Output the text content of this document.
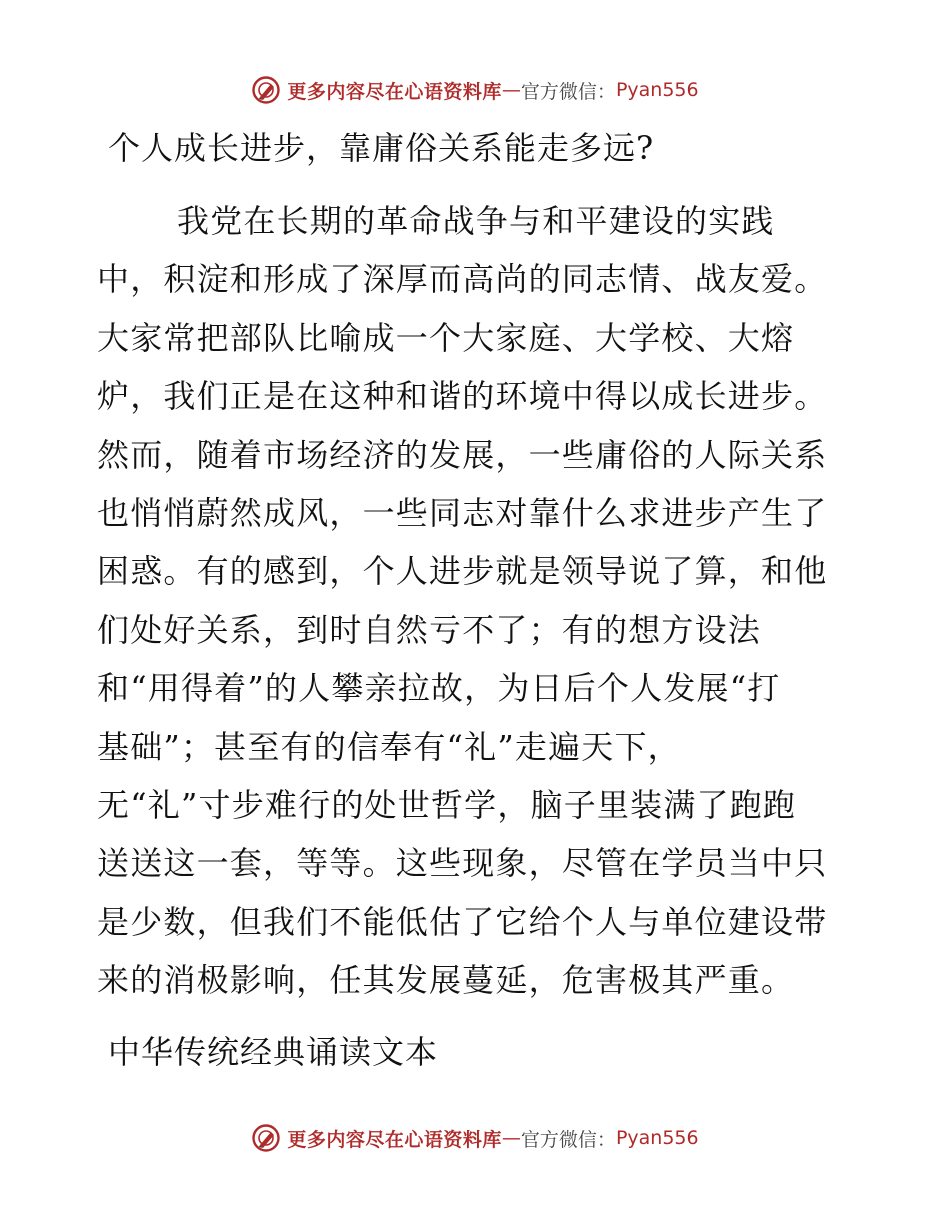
更多内容尽在心语资料库 — 官方微信： Pyan556
个人成长进步，靠庸俗关系能走多远?
我党在长期的革命战争与和平建设的实践
中，积淀和形成了深厚而高尚的同志情、战友爱。
大家常把部队比喻成一个大家庭、大学校、大熔
炉，我们正是在这种和谐的环境中得以成长进步。
然而，随着市场经济的发展，一些庸俗的人际关系
也悄悄蔚然成风，一些同志对靠什么求进步产生了
困惑。有的感到，个人进步就是领导说了算，和他
们处好关系，到时自然亏不了；有的想方设法
和“用得着”的人攀亲拉故，为日后个人发展“打
基础”；甚至有的信奉有“礼”走遍天下，
无“礼”寸步难行的处世哲学，脑子里装满了跑跑
送送这一套，等等。这些现象，尽管在学员当中只
是少数，但我们不能低估了它给个人与单位建设带
来的消极影响，任其发展蔓延，危害极其严重。
中华传统经典诵读文本
更多内容尽在心语资料库 — 官方微信： Pyan556
